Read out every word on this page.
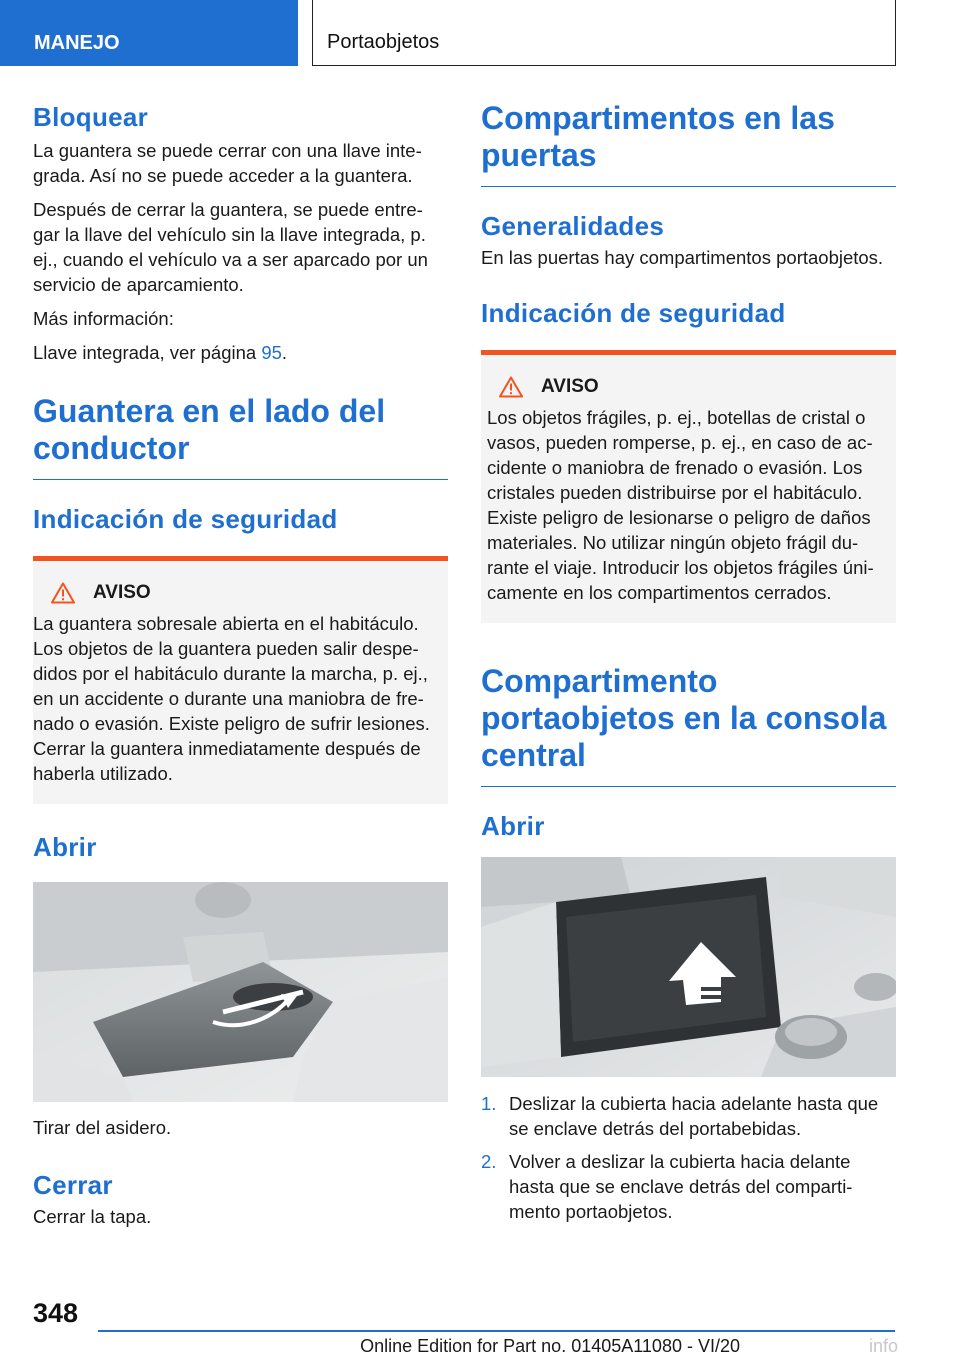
MANEJO	Portaobjetos
Bloquear

La guantera se puede cerrar con una llave inte-grada. Así no se puede acceder a la guantera.

Después de cerrar la guantera, se puede entre-gar la llave del vehículo sin la llave integrada, p. ej., cuando el vehículo va a ser aparcado por un servicio de aparcamiento.

Más información:

Llave integrada, ver página 95.

Guantera en el lado del conductor
Indicación de seguridad
AVISO

La guantera sobresale abierta en el habitáculo. Los objetos de la guantera pueden salir despe-didos por el habitáculo durante la marcha, p. ej., en un accidente o durante una maniobra de fre-nado o evasión. Existe peligro de sufrir lesiones. Cerrar la guantera inmediatamente después de haberla utilizado.

Abrir

Tirar del asidero.

Cerrar

Cerrar la tapa.

Compartimentos en las puertas
Generalidades

En las puertas hay compartimentos portaobjetos.

Indicación de seguridad
AVISO

Los objetos frágiles, p. ej., botellas de cristal o vasos, pueden romperse, p. ej., en caso de ac-cidente o maniobra de frenado o evasión. Los cristales pueden distribuirse por el habitáculo. Existe peligro de lesionarse o peligro de daños materiales. No utilizar ningún objeto frágil du-rante el viaje. Introducir los objetos frágiles úni-camente en los compartimentos cerrados.

Compartimento portaobjetos en la consola central
Abrir
1. Deslizar la cubierta hacia adelante hasta que se enclave detrás del portabebidas.
2. Volver a deslizar la cubierta hacia delante hasta que se enclave detrás del comparti-mento portaobjetos.
348
Online Edition for Part no. 01405A11080 - VI/20	info
